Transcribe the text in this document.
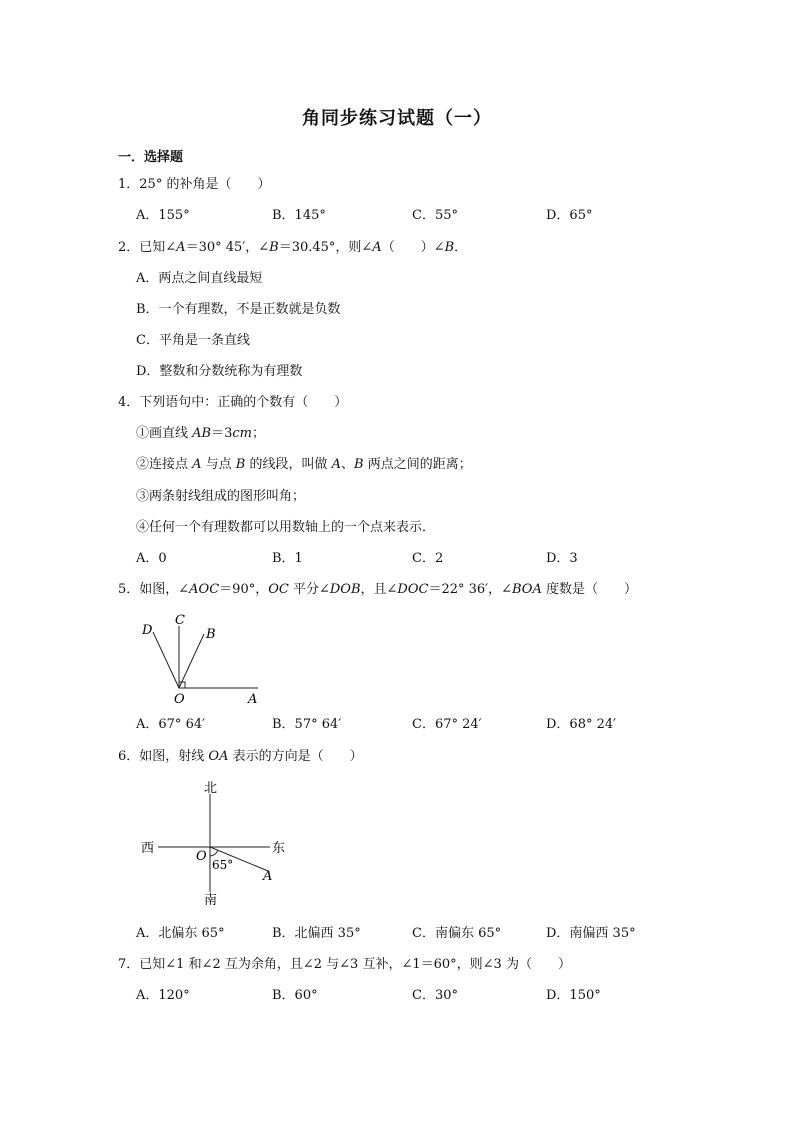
角同步练习试题（一）
一．选择题
1．25° 的补角是（　　）
A．155°	B．145°	C．55°	D．65°
2．已知∠A＝30° 45′，∠B＝30.45°，则∠A（　　）∠B．
A．两点之间直线最短
B．一个有理数，不是正数就是负数
C．平角是一条直线
D．整数和分数统称为有理数
4．下列语句中：正确的个数有（　　）
①画直线 AB＝3cm；
②连接点 A 与点 B 的线段，叫做 A、B 两点之间的距离；
③两条射线组成的图形叫角；
④任何一个有理数都可以用数轴上的一个点来表示．
A．0	B．1	C．2	D．3
5．如图，∠AOC＝90°，OC 平分∠DOB，且∠DOC＝22° 36′，∠BOA 度数是（　　）
D
C
B
O	A
A．67° 64′	B．57° 64′	C．67° 24′	D．68° 24′
6．如图，射线 OA 表示的方向是（　　）
北
南
西	东
O
65°
A
A．北偏东 65°	B．北偏西 35°	C．南偏东 65°	D．南偏西 35°
7．已知∠1 和∠2 互为余角，且∠2 与∠3 互补，∠1＝60°，则∠3 为（　　）
A．120°	B．60°	C．30°	D．150°
